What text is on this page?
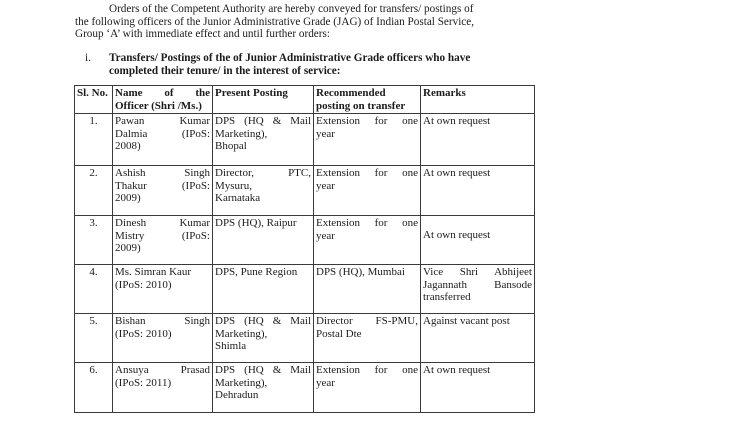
Orders of the Competent Authority are hereby conveyed for transfers/ postings of
the following officers of the Junior Administrative Grade (JAG) of Indian Postal Service,
Group ‘A’ with immediate effect and until further orders:
i. Transfers/ Postings of the of Junior Administrative Grade officers who have
completed their tenure/ in the interest of service:
Sl. No.	Name of the
Officer (Shri /Ms.)	Present Posting	Recommended
posting on transfer	Remarks
1.	Pawan Kumar
Dalmia (IPoS:
2008)	DPS (HQ & Mail
Marketing),
Bhopal	Extension for one
year	At own request
2.	Ashish Singh
Thakur (IPoS:
2009)	Director, PTC,
Mysuru,
Karnataka	Extension for one
year	At own request
3.	Dinesh Kumar
Mistry (IPoS:
2009)	DPS (HQ), Raipur	Extension for one
year	At own request

4.	Ms. Simran Kaur
(IPoS: 2010)	DPS, Pune Region	DPS (HQ), Mumbai	Vice Shri Abhijeet
Jagannath Bansode
transferred

5.	Bishan Singh
(IPoS: 2010)	DPS (HQ & Mail
Marketing),
Shimla	Director FS-PMU,
Postal Dte	Against vacant post
6.	Ansuya Prasad
(IPoS: 2011)	DPS (HQ & Mail
Marketing),
Dehradun	Extension for one
year	At own request
